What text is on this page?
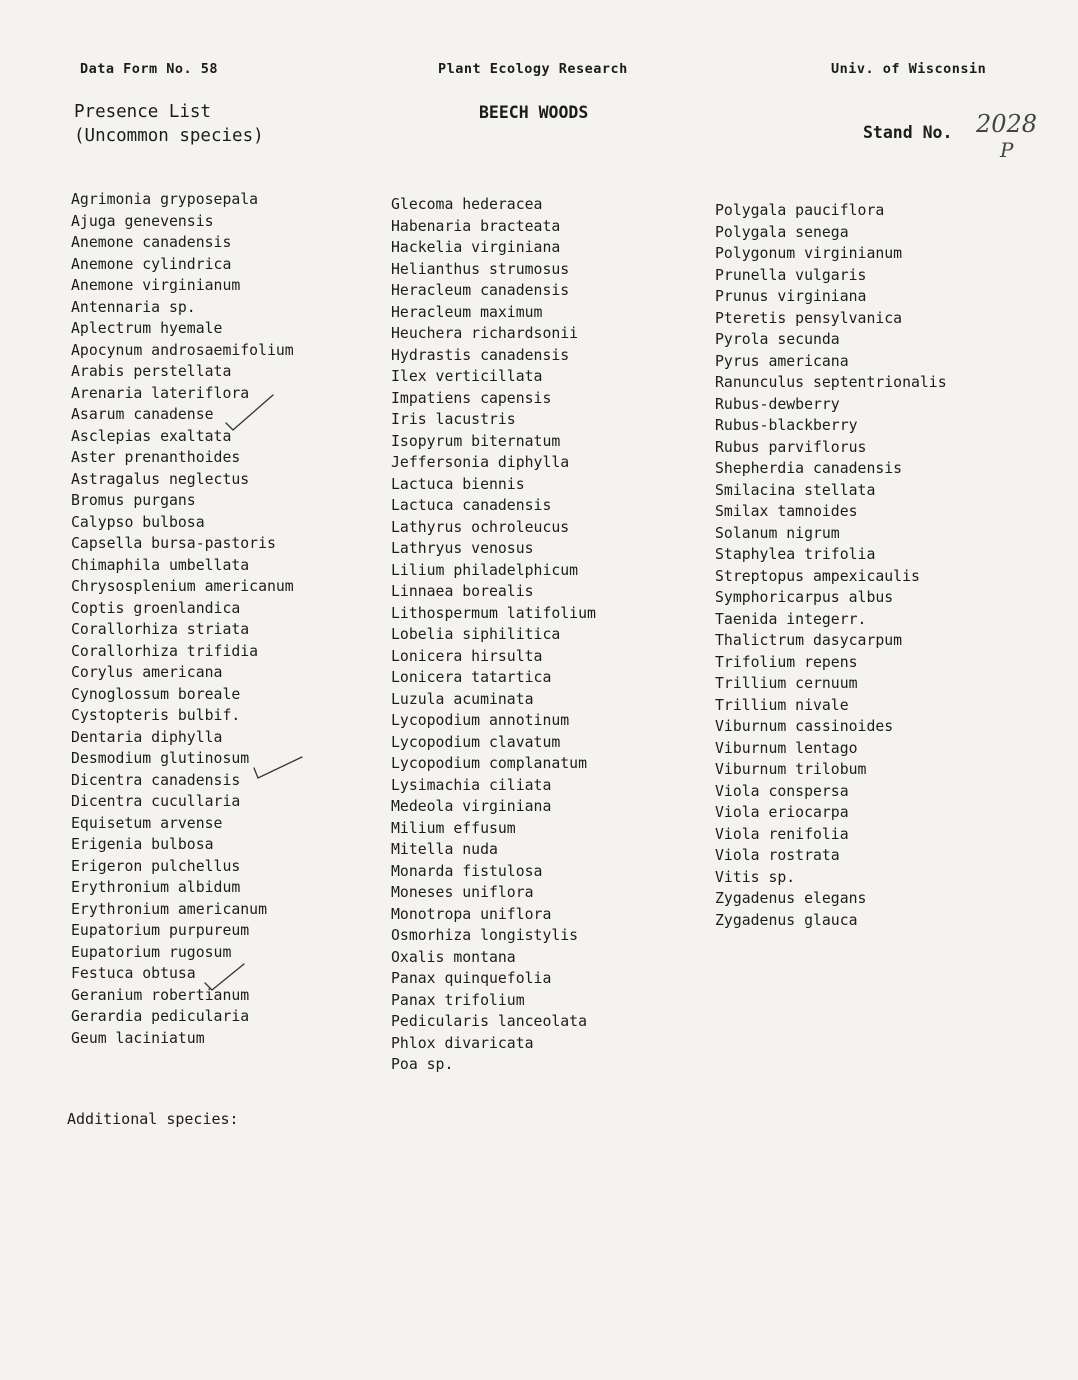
Data Form No. 58	Plant Ecology Research	Univ. of Wisconsin
Presence List
(Uncommon species)
BEECH WOODS
Stand No. 2028
P
Agrimonia gryposepala
Ajuga genevensis
Anemone canadensis
Anemone cylindrica
Anemone virginianum
Antennaria sp.
Aplectrum hyemale
Apocynum androsaemifolium
Arabis perstellata
Arenaria lateriflora
Asarum canadense
Asclepias exaltata
Aster prenanthoides
Astragalus neglectus
Bromus purgans
Calypso bulbosa
Capsella bursa-pastoris
Chimaphila umbellata
Chrysosplenium americanum
Coptis groenlandica
Corallorhiza striata
Corallorhiza trifidia
Corylus americana
Cynoglossum boreale
Cystopteris bulbif.
Dentaria diphylla
Desmodium glutinosum
Dicentra canadensis
Dicentra cucullaria
Equisetum arvense
Erigenia bulbosa
Erigeron pulchellus
Erythronium albidum
Erythronium americanum
Eupatorium purpureum
Eupatorium rugosum
Festuca obtusa
Geranium robertianum
Gerardia pedicularia
Geum laciniatum
Glecoma hederacea
Habenaria bracteata
Hackelia virginiana
Helianthus strumosus
Heracleum canadensis
Heracleum maximum
Heuchera richardsonii
Hydrastis canadensis
Ilex verticillata
Impatiens capensis
Iris lacustris
Isopyrum biternatum
Jeffersonia diphylla
Lactuca biennis
Lactuca canadensis
Lathyrus ochroleucus
Lathryus venosus
Lilium philadelphicum
Linnaea borealis
Lithospermum latifolium
Lobelia siphilitica
Lonicera hirsulta
Lonicera tatartica
Luzula acuminata
Lycopodium annotinum
Lycopodium clavatum
Lycopodium complanatum
Lysimachia ciliata
Medeola virginiana
Milium effusum
Mitella nuda
Monarda fistulosa
Moneses uniflora
Monotropa uniflora
Osmorhiza longistylis
Oxalis montana
Panax quinquefolia
Panax trifolium
Pedicularis lanceolata
Phlox divaricata
Poa sp.
Polygala pauciflora
Polygala senega
Polygonum virginianum
Prunella vulgaris
Prunus virginiana
Pteretis pensylvanica
Pyrola secunda
Pyrus americana
Ranunculus septentrionalis
Rubus-dewberry
Rubus-blackberry
Rubus parviflorus
Shepherdia canadensis
Smilacina stellata
Smilax tamnoides
Solanum nigrum
Staphylea trifolia
Streptopus ampexicaulis
Symphoricarpus albus
Taenida integerr.
Thalictrum dasycarpum
Trifolium repens
Trillium cernuum
Trillium nivale
Viburnum cassinoides
Viburnum lentago
Viburnum trilobum
Viola conspersa
Viola eriocarpa
Viola renifolia
Viola rostrata
Vitis sp.
Zygadenus elegans
Zygadenus glauca
Additional species:
